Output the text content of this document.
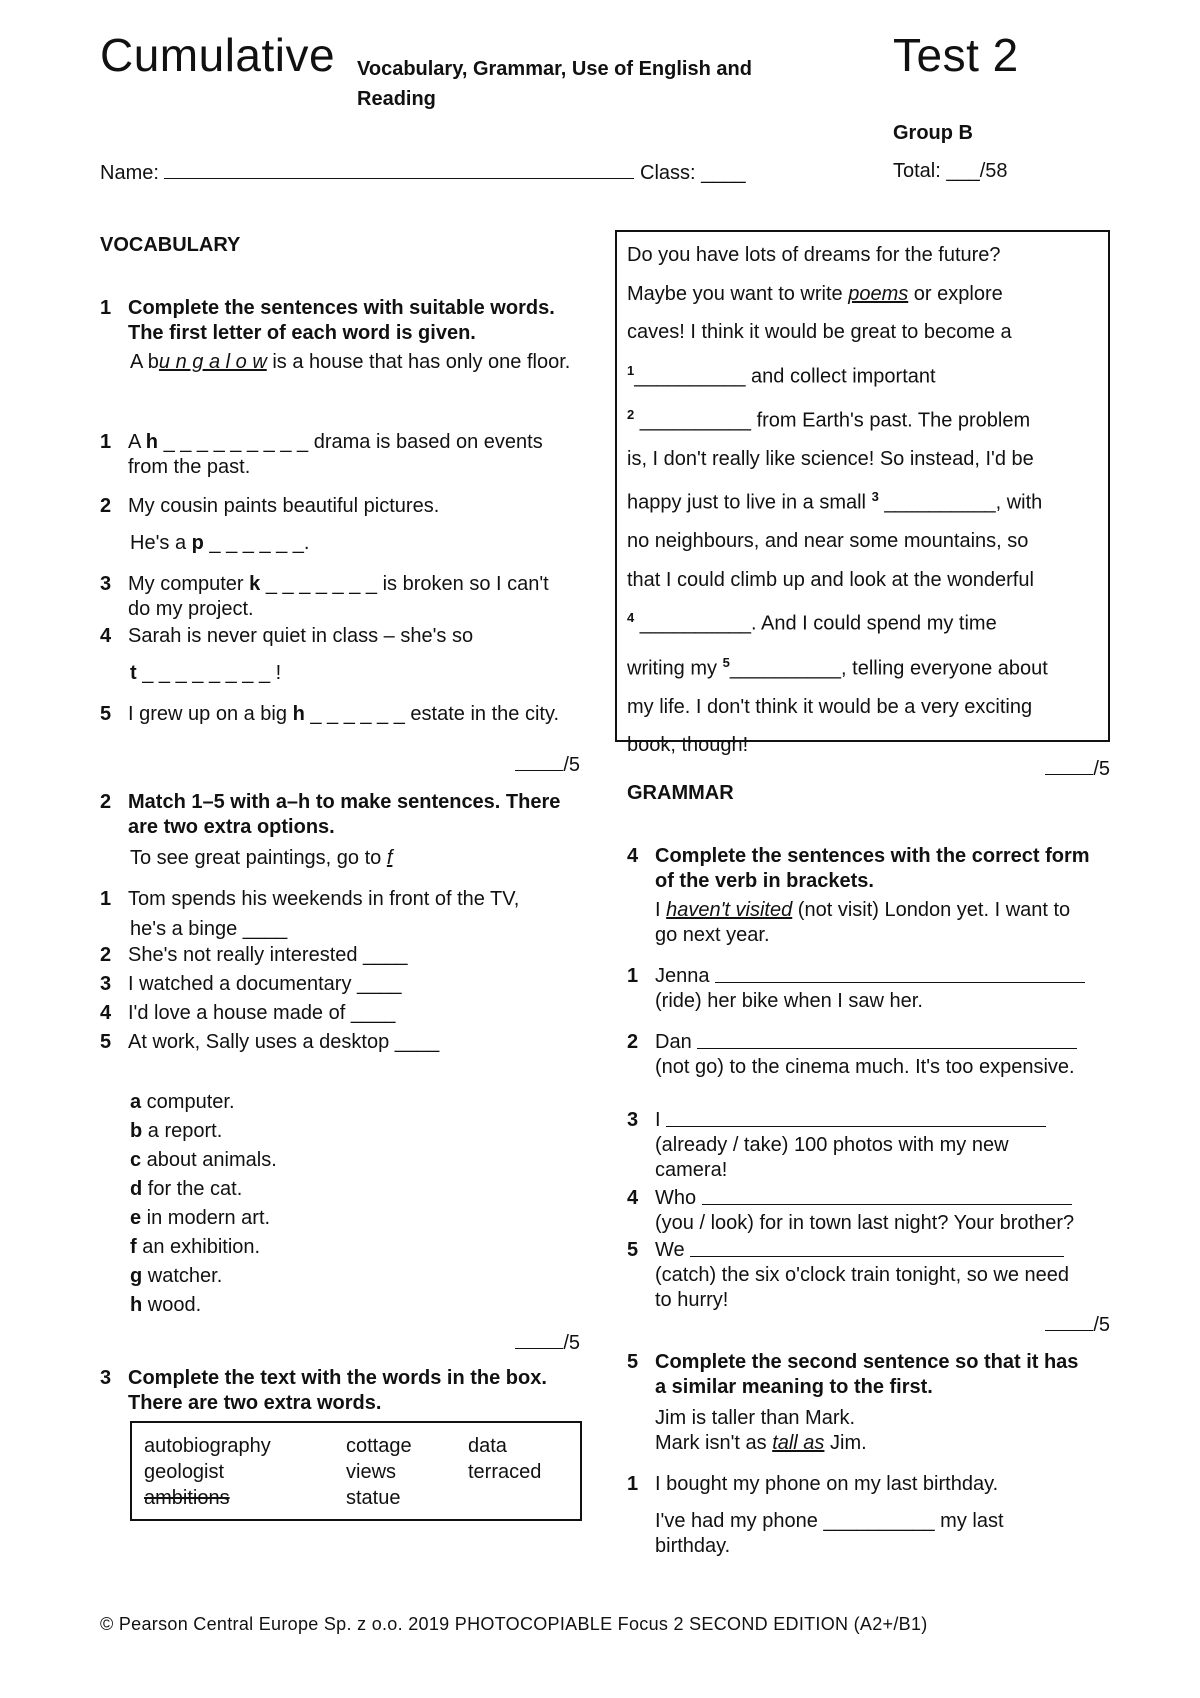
Cumulative Vocabulary, Grammar, Use of English and
Reading
Test 2
Group B
Name:	Class: ____	Total: ___/58
VOCABULARY
1 Complete the sentences with suitable words. The first letter of each word is given.
A bu n g a l o w is a house that has only one floor.
1 A h _ _ _ _ _ _ _ _ _ drama is based on events from the past.
2 My cousin paints beautiful pictures.
He's a p _ _ _ _ _ _.
3 My computer k _ _ _ _ _ _ _ is broken so I can't do my project.
4 Sarah is never quiet in class – she's so
t _ _ _ _ _ _ _ _ !
5 I grew up on a big h _ _ _ _ _ _ estate in the city.
/5
2 Match 1–5 with a–h to make sentences. There are two extra options.
To see great paintings, go to f
1 Tom spends his weekends in front of the TV,
he's a binge ____
2 She's not really interested ____
3 I watched a documentary ____
4 I'd love a house made of ____
5 At work, Sally uses a desktop ____
a computer.
b a report.
c about animals.
d for the cat.
e in modern art.
f an exhibition.
g watcher.
h wood.
/5
3 Complete the text with the words in the box. There are two extra words.
autobiography
geologist
ambitions
cottage
views
statue
data
terraced
Do you have lots of dreams for the future?
Maybe you want to write poems or explore
caves! I think it would be great to become a
$^1$__________ and collect important
$^2$ __________ from Earth's past. The problem
is, I don't really like science! So instead, I'd be
happy just to live in a small $^3$ __________, with
no neighbours, and near some mountains, so
that I could climb up and look at the wonderful
$^4$ __________. And I could spend my time
writing my $^5$__________, telling everyone about
my life. I don't think it would be a very exciting
book, though!
/5
GRAMMAR
4 Complete the sentences with the correct form of the verb in brackets.
I haven't visited (not visit) London yet. I want to go next year.
1 Jenna

(ride) her bike when I saw her.
2 Dan

(not go) to the cinema much. It's too expensive.
3 I

(already / take) 100 photos with my new camera!
4 Who

(you / look) for in town last night? Your brother?
5 We

(catch) the six o'clock train tonight, so we need to hurry!
/5
5 Complete the second sentence so that it has a similar meaning to the first.
Jim is taller than Mark.
Mark isn't as tall as Jim.
1 I bought my phone on my last birthday.
I've had my phone __________ my last birthday.
© Pearson Central Europe Sp. z o.o. 2019 PHOTOCOPIABLE Focus 2 SECOND EDITION (A2+/B1)
